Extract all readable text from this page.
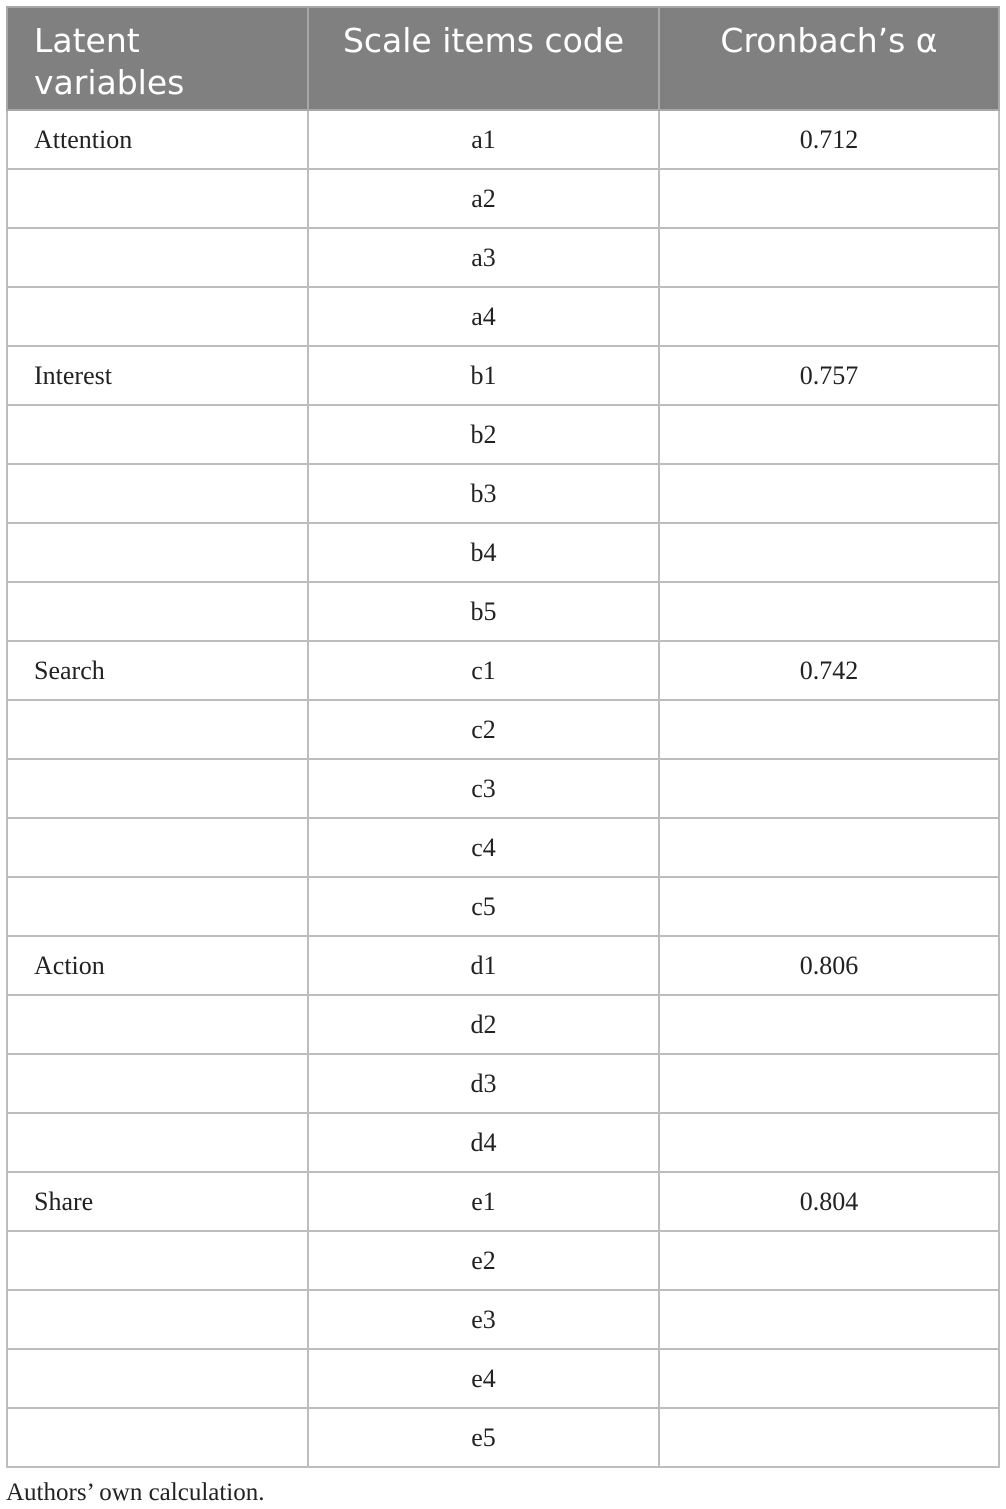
Latent variables	Scale items code	Cronbach’s α
Attention	a1	0.712
	a2	
	a3	
	a4	
Interest	b1	0.757
	b2	
	b3	
	b4	
	b5	
Search	c1	0.742
	c2	
	c3	
	c4	
	c5	
Action	d1	0.806
	d2	
	d3	
	d4	
Share	e1	0.804
	e2	
	e3	
	e4	
	e5	

Authors’ own calculation.
